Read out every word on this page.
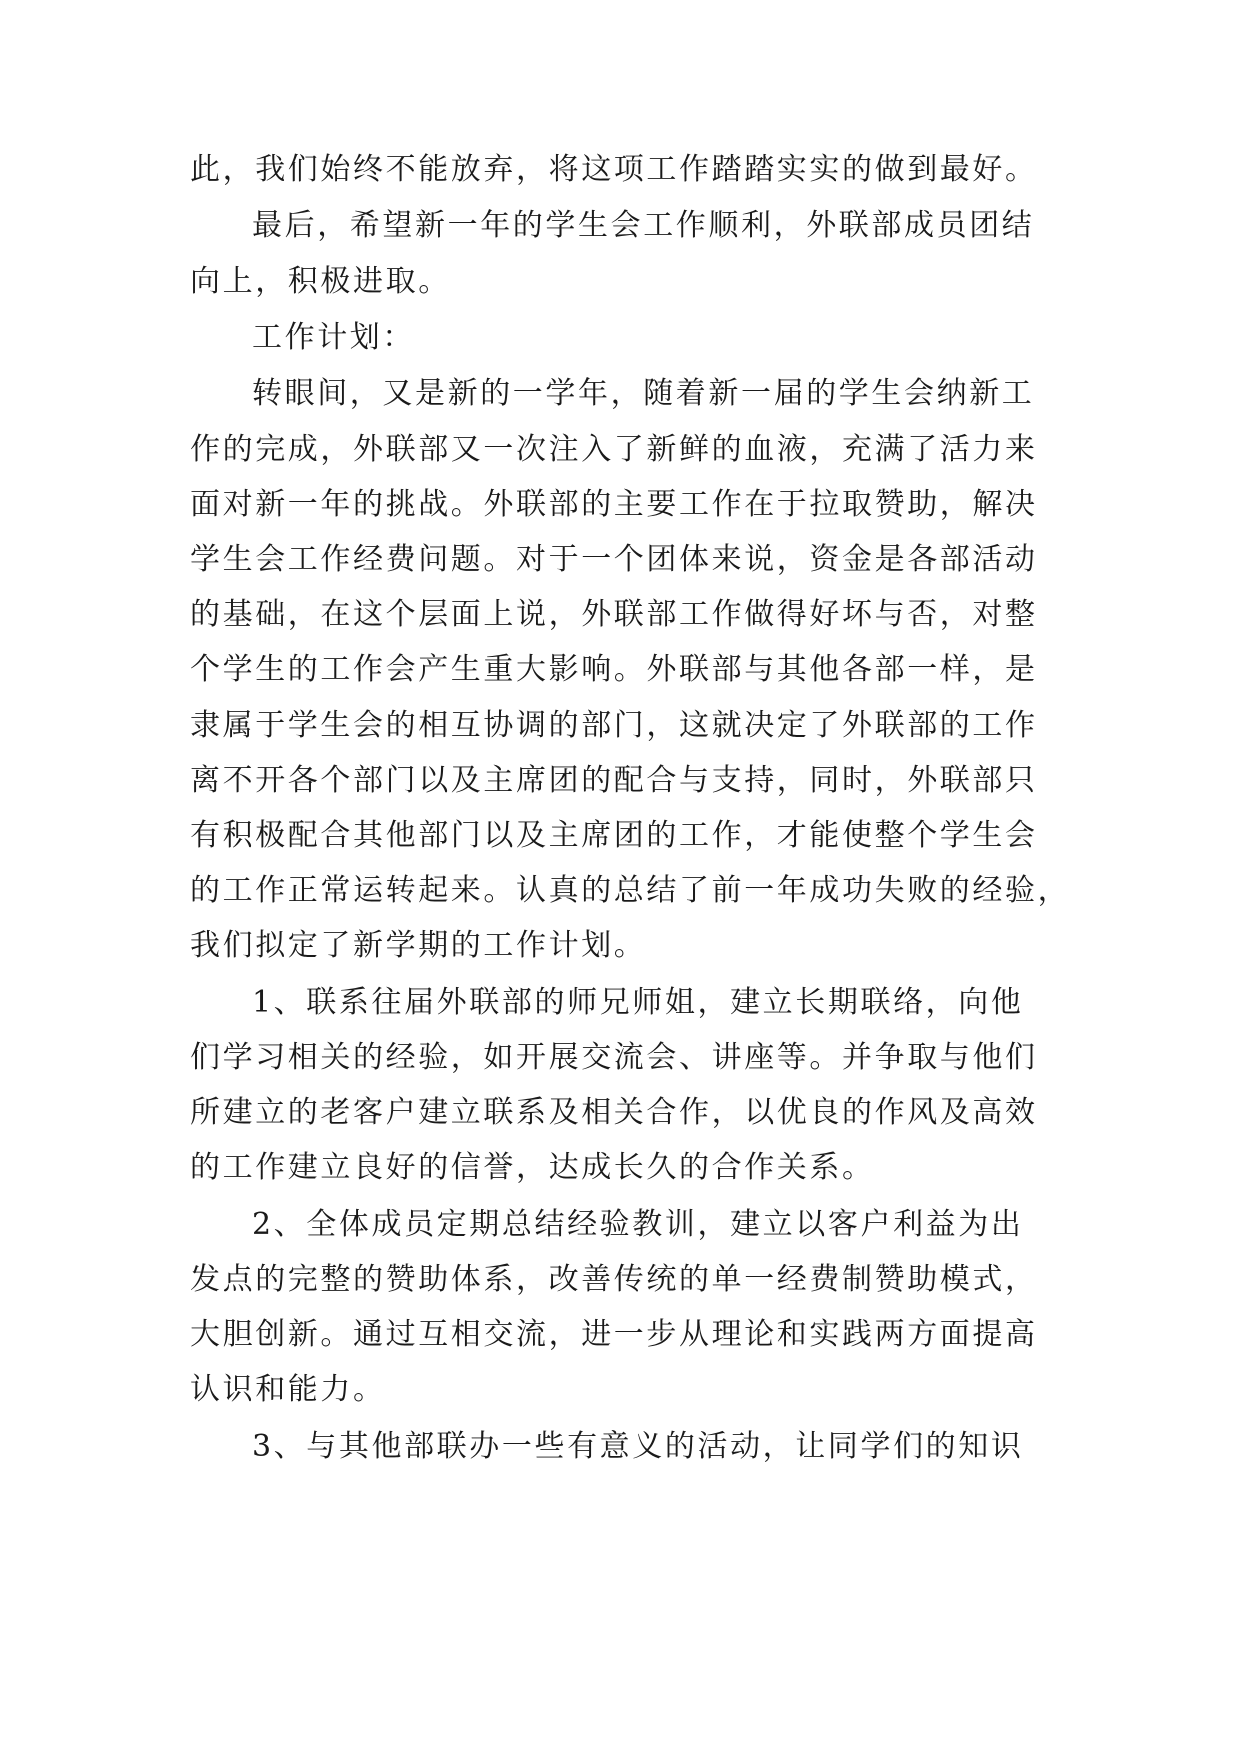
此，我们始终不能放弃，将这项工作踏踏实实的做到最好。
最后，希望新一年的学生会工作顺利，外联部成员团结
向上，积极进取。
工作计划：
转眼间，又是新的一学年，随着新一届的学生会纳新工
作的完成，外联部又一次注入了新鲜的血液，充满了活力来
面对新一年的挑战。外联部的主要工作在于拉取赞助，解决
学生会工作经费问题。对于一个团体来说，资金是各部活动
的基础，在这个层面上说，外联部工作做得好坏与否，对整
个学生的工作会产生重大影响。外联部与其他各部一样，是
隶属于学生会的相互协调的部门，这就决定了外联部的工作
离不开各个部门以及主席团的配合与支持，同时，外联部只
有积极配合其他部门以及主席团的工作，才能使整个学生会
的工作正常运转起来。认真的总结了前一年成功失败的经验，
我们拟定了新学期的工作计划。
1、联系往届外联部的师兄师姐，建立长期联络，向他
们学习相关的经验，如开展交流会、讲座等。并争取与他们
所建立的老客户建立联系及相关合作，以优良的作风及高效
的工作建立良好的信誉，达成长久的合作关系。
2、全体成员定期总结经验教训，建立以客户利益为出
发点的完整的赞助体系，改善传统的单一经费制赞助模式，
大胆创新。通过互相交流，进一步从理论和实践两方面提高
认识和能力。
3、与其他部联办一些有意义的活动，让同学们的知识
